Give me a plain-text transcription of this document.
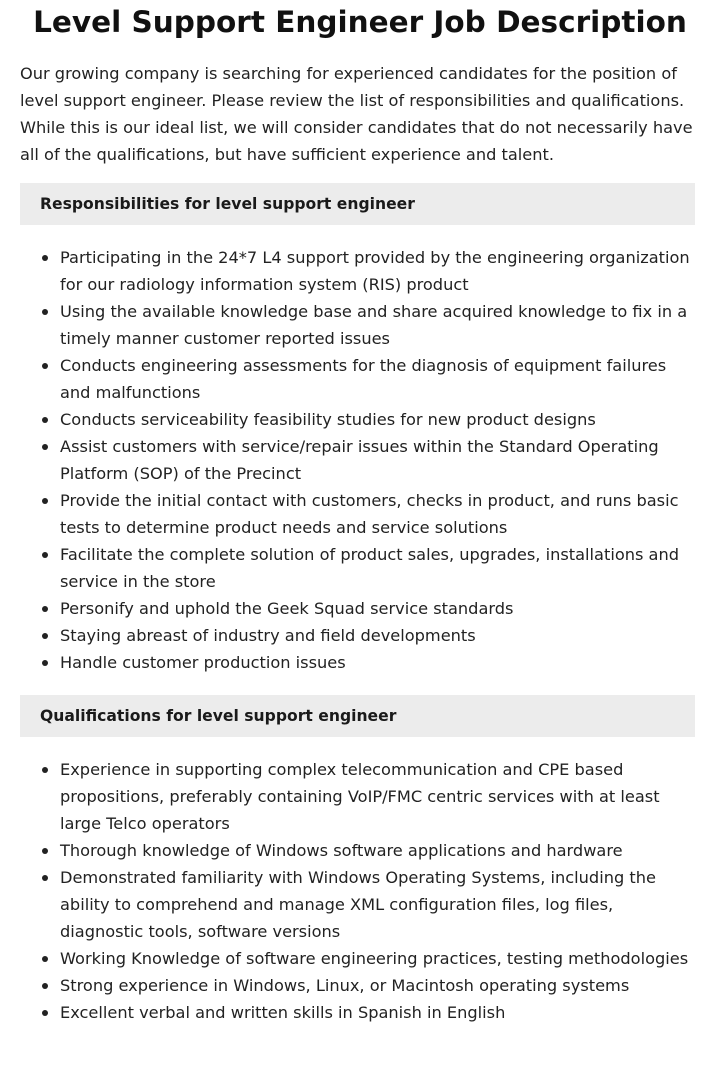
Level Support Engineer Job Description

Our growing company is searching for experienced candidates for the position of level support engineer. Please review the list of responsibilities and qualifications. While this is our ideal list, we will consider candidates that do not necessarily have all of the qualifications, but have sufficient experience and talent.

Responsibilities for level support engineer
Participating in the 24*7 L4 support provided by the engineering organization for our radiology information system (RIS) product
Using the available knowledge base and share acquired knowledge to fix in a timely manner customer reported issues
Conducts engineering assessments for the diagnosis of equipment failures and malfunctions
Conducts serviceability feasibility studies for new product designs
Assist customers with service/repair issues within the Standard Operating Platform (SOP) of the Precinct
Provide the initial contact with customers, checks in product, and runs basic tests to determine product needs and service solutions
Facilitate the complete solution of product sales, upgrades, installations and service in the store
Personify and uphold the Geek Squad service standards
Staying abreast of industry and field developments
Handle customer production issues
Qualifications for level support engineer
Experience in supporting complex telecommunication and CPE based propositions, preferably containing VoIP/FMC centric services with at least large Telco operators
Thorough knowledge of Windows software applications and hardware
Demonstrated familiarity with Windows Operating Systems, including the ability to comprehend and manage XML configuration files, log files, diagnostic tools, software versions
Working Knowledge of software engineering practices, testing methodologies
Strong experience in Windows, Linux, or Macintosh operating systems
Excellent verbal and written skills in Spanish in English
